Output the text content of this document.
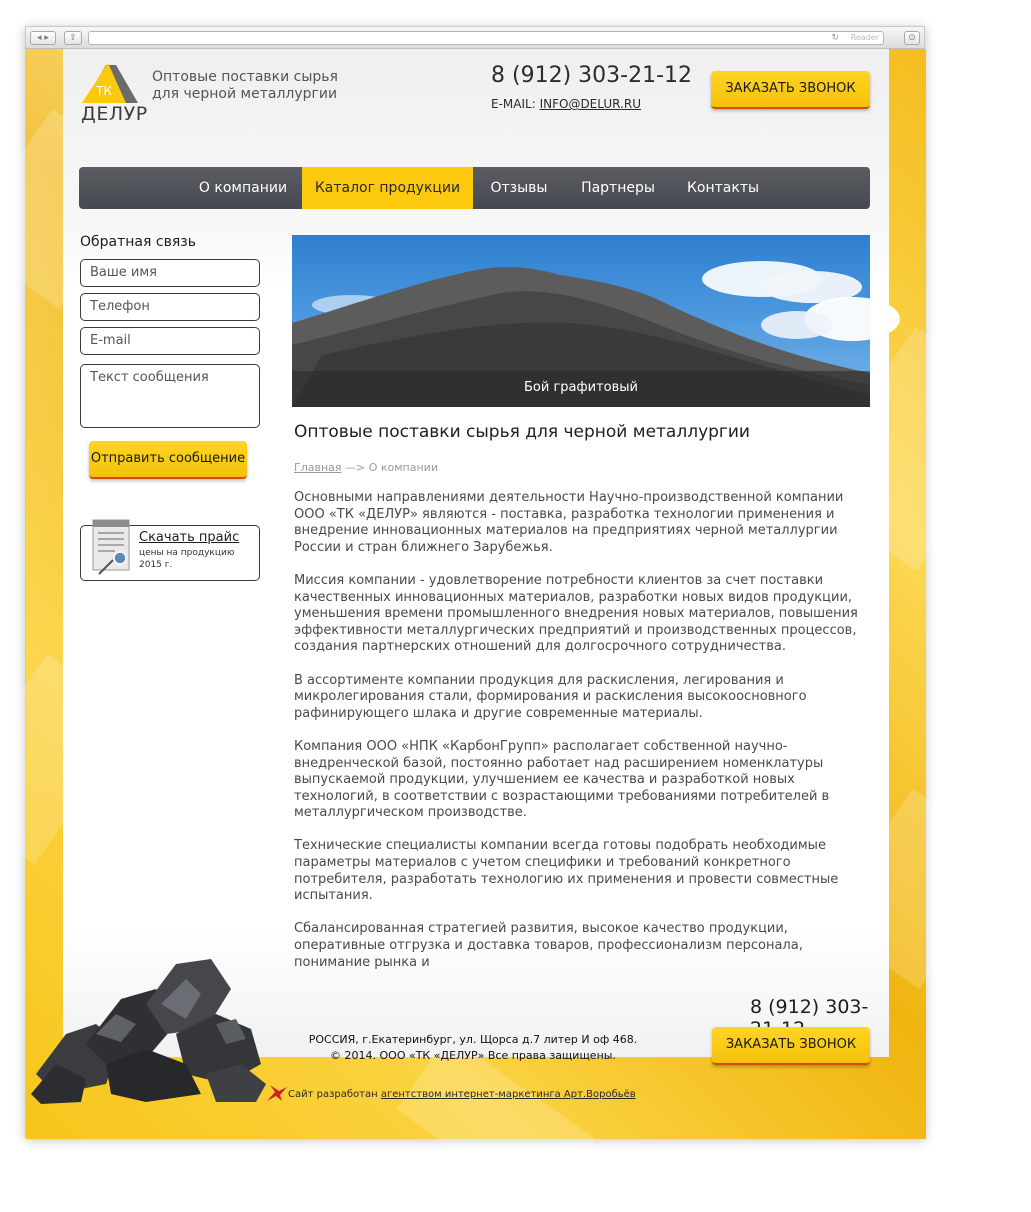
◂ ▸	⇪	↻ Reader	⊙
ТК
ДЕЛУР
Оптовые поставки сырья для черной металлургии
8 (912) 303-21-12
E-MAIL: INFO@DELUR.RU
ЗАКАЗАТЬ ЗВОНОК
О компании	Каталог продукции	Отзывы	Партнеры	Контакты
Обратная связь
Ваше имя
Телефон
E-mail
Текст сообщения
Отправить сообщение
Скачать прайс
цены на продукцию 2015 г.
Бой графитовый
Оптовые поставки сырья для черной металлургии
Главная —> О компании

Основными направлениями деятельности Научно-производственной компании ООО «ТК «ДЕЛУР» являются - поставка, разработка технологии применения и внедрение инновационных материалов на предприятиях черной металлургии России и стран ближнего Зарубежья.

Миссия компании - удовлетворение потребности клиентов за счет поставки качественных инновационных материалов, разработки новых видов продукции, уменьшения времени промышленного внедрения новых материалов, повышения эффективности металлургических предприятий и производственных процессов, создания партнерских отношений для долгосрочного сотрудничества.

В ассортименте компании продукция для раскисления, легирования и микролегирования стали, формирования и раскисления высокоосновного рафинирующего шлака и другие современные материалы.

Компания ООО «НПК «КарбонГрупп» располагает собственной научно-внедренческой базой, постоянно работает над расширением номенклатуры выпускаемой продукции, улучшением ее качества и разработкой новых технологий, в соответствии с возрастающими требованиями потребителей в металлургическом производстве.

Технические специалисты компании всегда готовы подобрать необходимые параметры материалов с учетом специфики и требований конкретного потребителя, разработать технологию их применения и провести совместные испытания.

Сбалансированная стратегией развития, высокое качество продукции, оперативные отгрузка и доставка товаров, профессионализм персонала, понимание рынка и

РОССИЯ, г.Екатеринбург, ул. Щорса д.7 литер И оф 468.
© 2014. ООО «ТК «ДЕЛУР» Все права защищены.
8 (912) 303-
ЗАКАЗАТЬ ЗВОНОК
Сайт разработан агентством интернет-маркетинга Арт.Воробьёв
